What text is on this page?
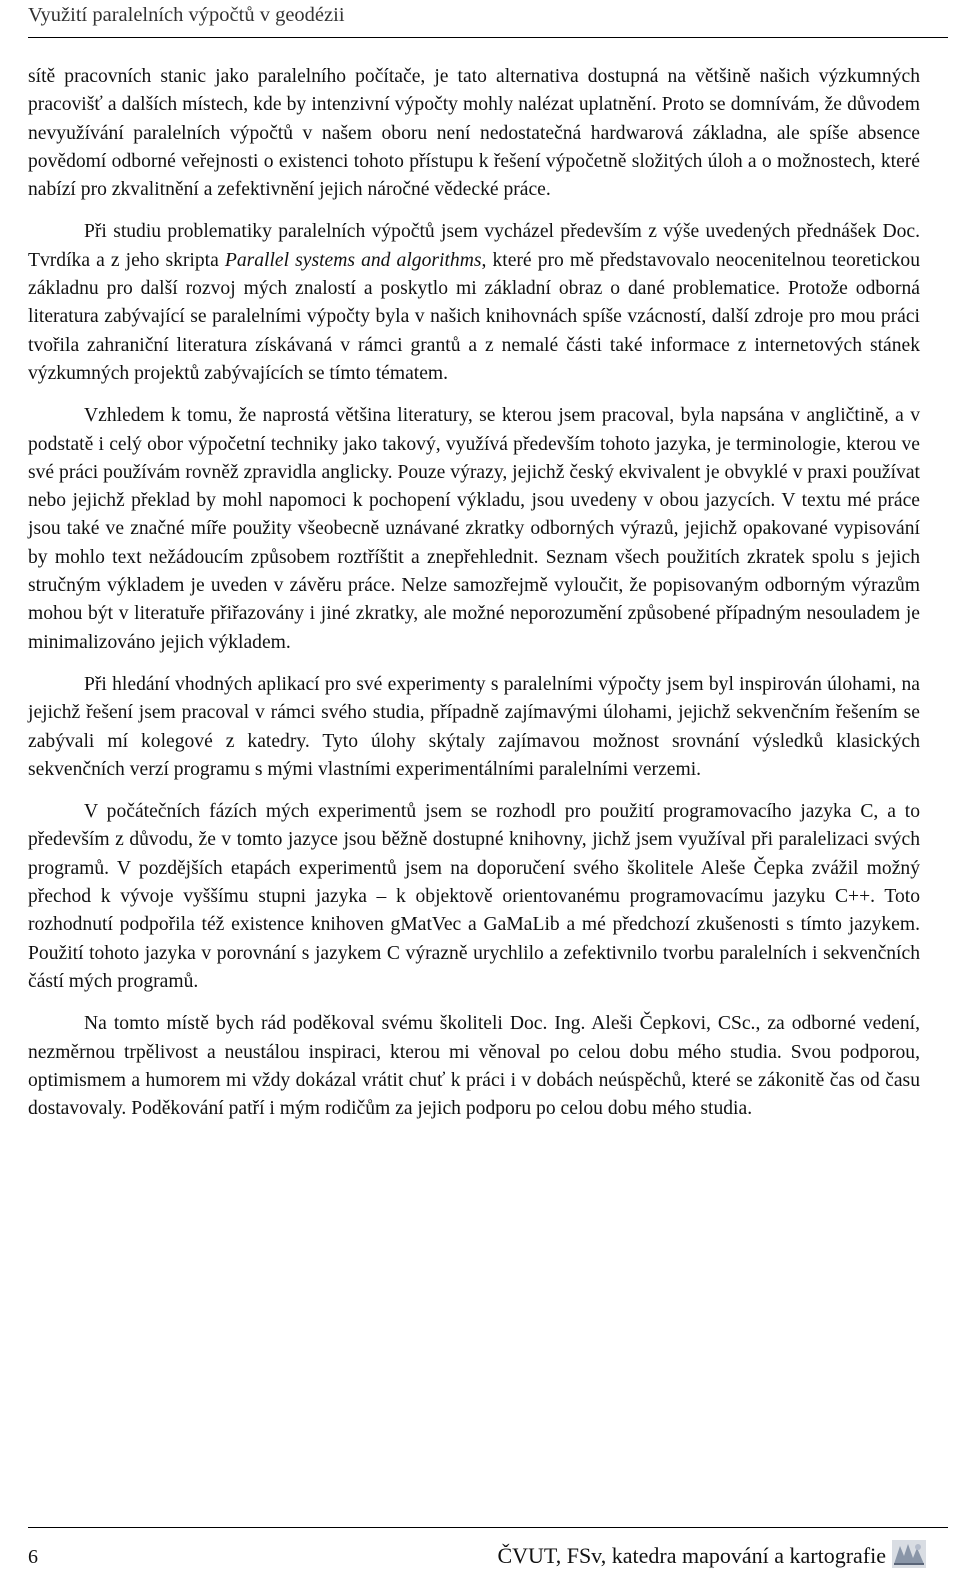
Využití paralelních výpočtů v geodézii

sítě pracovních stanic jako paralelního počítače, je tato alternativa dostupná na většině našich výzkumných pracovišť a dalších místech, kde by intenzivní výpočty mohly nalézat uplatnění. Proto se domnívám, že důvodem nevyužívání paralelních výpočtů v našem oboru není nedostatečná hardwarová základna, ale spíše absence povědomí odborné veřejnosti o existenci tohoto přístupu k řešení výpočetně složitých úloh a o možnostech, které nabízí pro zkvalitnění a zefektivnění jejich náročné vědecké práce.

Při studiu problematiky paralelních výpočtů jsem vycházel především z výše uvedených přednášek Doc. Tvrdíka a z jeho skripta Parallel systems and algorithms, které pro mě představovalo neocenitelnou teoretickou základnu pro další rozvoj mých znalostí a poskytlo mi základní obraz o dané problematice. Protože odborná literatura zabývající se paralelními výpočty byla v našich knihovnách spíše vzácností, další zdroje pro mou práci tvořila zahraniční literatura získávaná v rámci grantů a z nemalé části také informace z internetových stánek výzkumných projektů zabývajících se tímto tématem.

Vzhledem k tomu, že naprostá většina literatury, se kterou jsem pracoval, byla napsána v angličtině, a v podstatě i celý obor výpočetní techniky jako takový, využívá především tohoto jazyka, je terminologie, kterou ve své práci používám rovněž zpravidla anglicky. Pouze výrazy, jejichž český ekvivalent je obvyklé v praxi používat nebo jejichž překlad by mohl napomoci k pochopení výkladu, jsou uvedeny v obou jazycích. V textu mé práce jsou také ve značné míře použity všeobecně uznávané zkratky odborných výrazů, jejichž opakované vypisování by mohlo text nežádoucím způsobem roztříštit a znepřehlednit. Seznam všech použitích zkratek spolu s jejich stručným výkladem je uveden v závěru práce. Nelze samozřejmě vyloučit, že popisovaným odborným výrazům mohou být v literatuře přiřazovány i jiné zkratky, ale možné neporozumění způsobené případným nesouladem je minimalizováno jejich výkladem.

Při hledání vhodných aplikací pro své experimenty s paralelními výpočty jsem byl inspirován úlohami, na jejichž řešení jsem pracoval v rámci svého studia, případně zajímavými úlohami, jejichž sekvenčním řešením se zabývali mí kolegové z katedry. Tyto úlohy skýtaly zajímavou možnost srovnání výsledků klasických sekvenčních verzí programu s mými vlastními experimentálními paralelními verzemi.

V počátečních fázích mých experimentů jsem se rozhodl pro použití programovacího jazyka C, a to především z důvodu, že v tomto jazyce jsou běžně dostupné knihovny, jichž jsem využíval při paralelizaci svých programů. V pozdějších etapách experimentů jsem na doporučení svého školitele Aleše Čepka zvážil možný přechod k vývoje vyššímu stupni jazyka – k objektově orientovanému programovacímu jazyku C++. Toto rozhodnutí podpořila též existence knihoven gMatVec a GaMaLib a mé předchozí zkušenosti s tímto jazykem. Použití tohoto jazyka v porovnání s jazykem C výrazně urychlilo a zefektivnilo tvorbu paralelních i sekvenčních částí mých programů.

Na tomto místě bych rád poděkoval svému školiteli Doc. Ing. Aleši Čepkovi, CSc., za odborné vedení, nezměrnou trpělivost a neustálou inspiraci, kterou mi věnoval po celou dobu mého studia. Svou podporou, optimismem a humorem mi vždy dokázal vrátit chuť k práci i v dobách neúspěchů, které se zákonitě čas od času dostavovaly. Poděkování patří i mým rodičům za jejich podporu po celou dobu mého studia.

6	ČVUT, FSv, katedra mapování a kartografie
